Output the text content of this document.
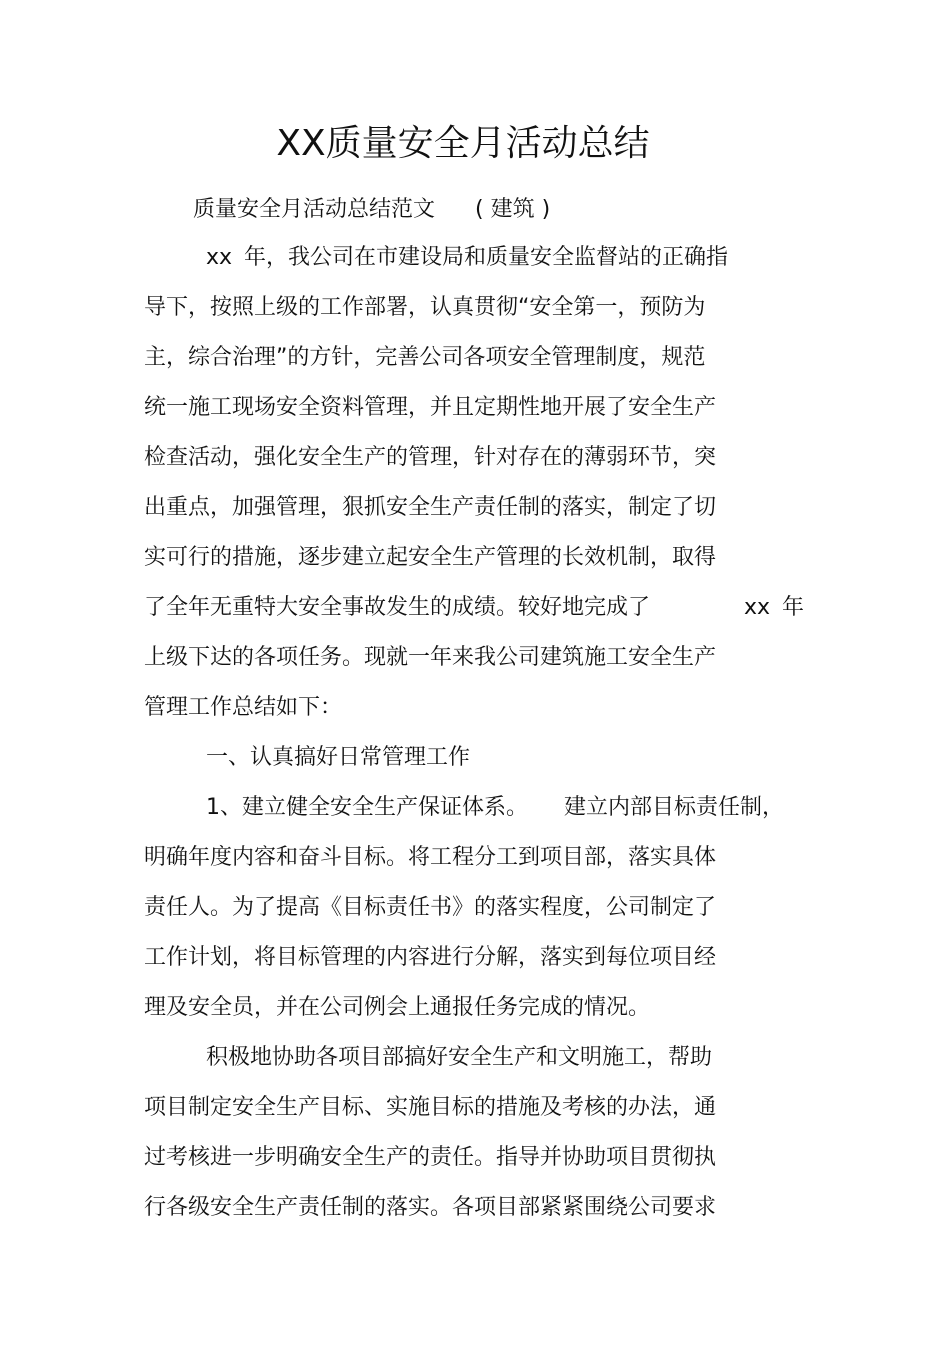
XX质量安全月活动总结
质量安全月活动总结范文 ( 建筑 )
xx 年，我公司在市建设局和质量安全监督站的正确指
导下，按照上级的工作部署，认真贯彻“安全第一，预防为
主，综合治理”的方针，完善公司各项安全管理制度，规范
统一施工现场安全资料管理，并且定期性地开展了安全生产
检查活动，强化安全生产的管理，针对存在的薄弱环节，突
出重点，加强管理，狠抓安全生产责任制的落实，制定了切
实可行的措施，逐步建立起安全生产管理的长效机制，取得
了全年无重特大安全事故发生的成绩。较好地完成了	xx 年
上级下达的各项任务。现就一年来我公司建筑施工安全生产
管理工作总结如下：
一、认真搞好日常管理工作
1、建立健全安全生产保证体系。 建立内部目标责任制，
明确年度内容和奋斗目标。将工程分工到项目部，落实具体
责任人。为了提高《目标责任书》的落实程度，公司制定了
工作计划，将目标管理的内容进行分解，落实到每位项目经
理及安全员，并在公司例会上通报任务完成的情况。
积极地协助各项目部搞好安全生产和文明施工，帮助
项目制定安全生产目标、实施目标的措施及考核的办法，通
过考核进一步明确安全生产的责任。指导并协助项目贯彻执
行各级安全生产责任制的落实。各项目部紧紧围绕公司要求
